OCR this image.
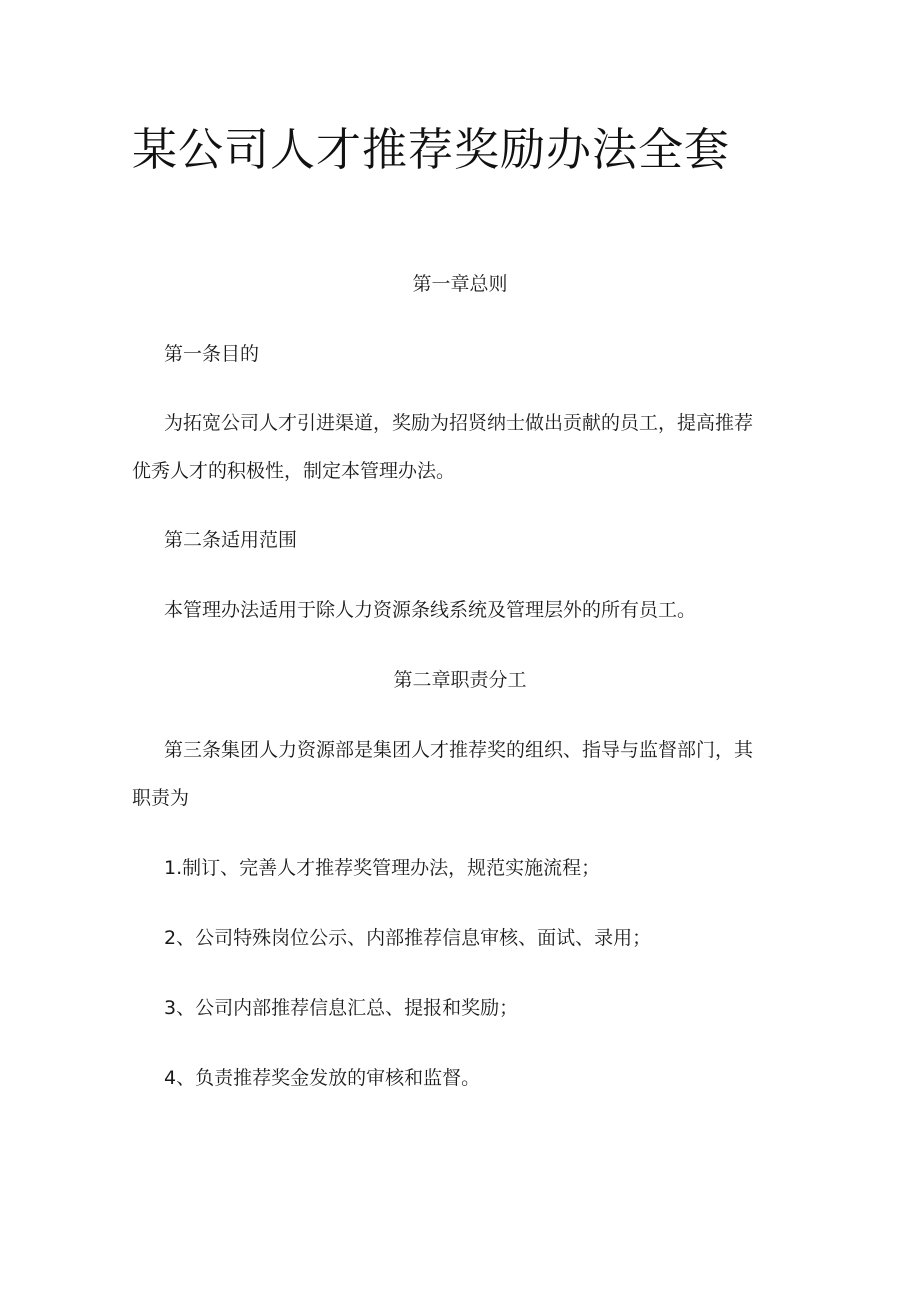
某公司人才推荐奖励办法全套
第一章总则

第一条目的

为拓宽公司人才引进渠道，奖励为招贤纳士做出贡献的员工，提高推荐

优秀人才的积极性，制定本管理办法。

第二条适用范围

本管理办法适用于除人力资源条线系统及管理层外的所有员工。

第二章职责分工

第三条集团人力资源部是集团人才推荐奖的组织、指导与监督部门，其

职责为

1.制订、完善人才推荐奖管理办法，规范实施流程；

2、公司特殊岗位公示、内部推荐信息审核、面试、录用；

3、公司内部推荐信息汇总、提报和奖励；

4、负责推荐奖金发放的审核和监督。
